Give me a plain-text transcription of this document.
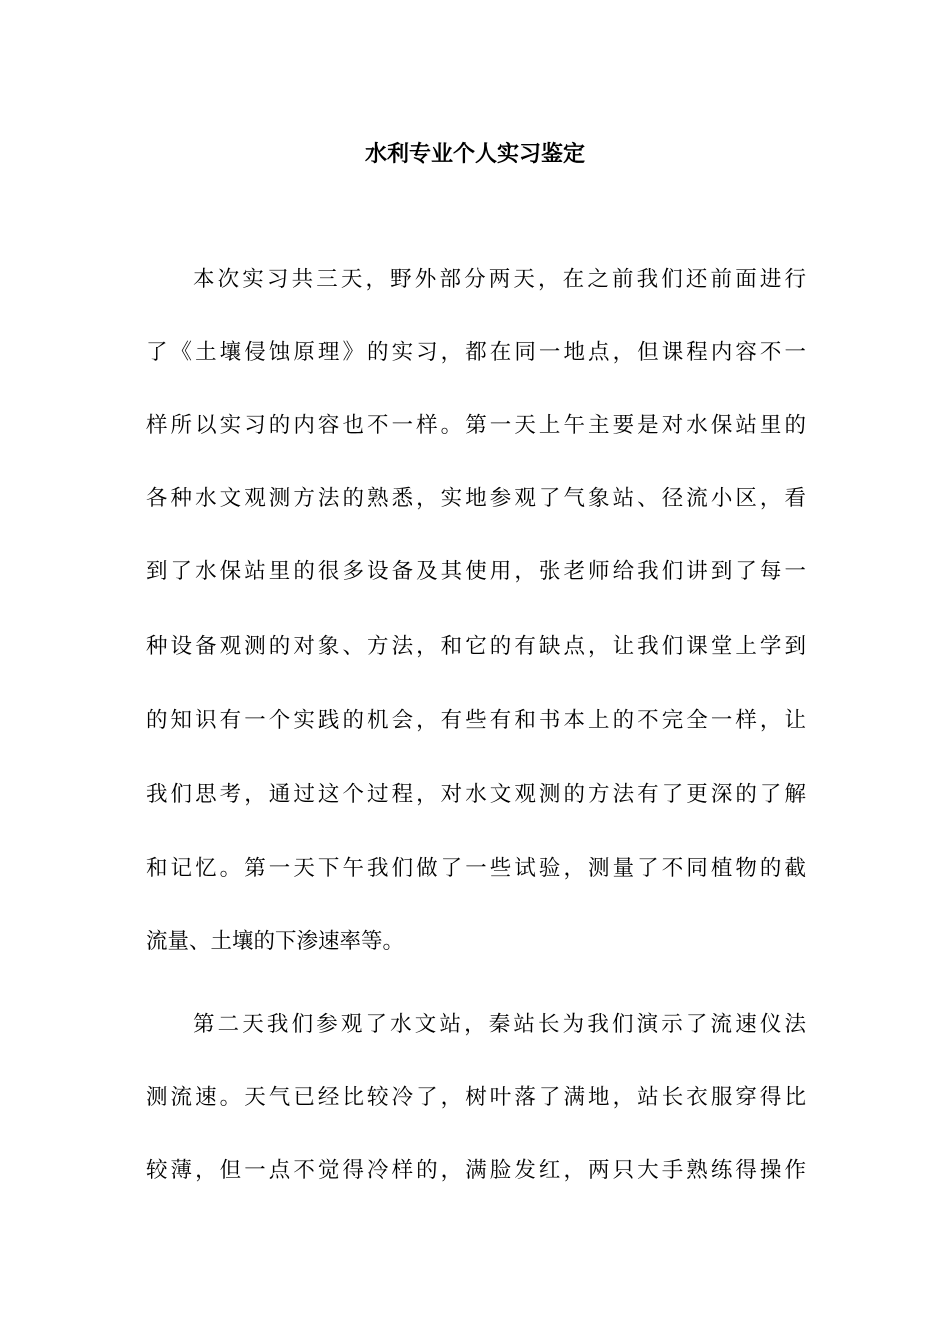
水利专业个人实习鉴定
本次实习共三天，野外部分两天，在之前我们还前面进行
了《土壤侵蚀原理》的实习，都在同一地点，但课程内容不一
样所以实习的内容也不一样。第一天上午主要是对水保站里的
各种水文观测方法的熟悉，实地参观了气象站、径流小区，看
到了水保站里的很多设备及其使用，张老师给我们讲到了每一
种设备观测的对象、方法，和它的有缺点，让我们课堂上学到
的知识有一个实践的机会，有些有和书本上的不完全一样，让
我们思考，通过这个过程，对水文观测的方法有了更深的了解
和记忆。第一天下午我们做了一些试验，测量了不同植物的截
流量、土壤的下渗速率等。
第二天我们参观了水文站，秦站长为我们演示了流速仪法
测流速。天气已经比较冷了，树叶落了满地，站长衣服穿得比
较薄，但一点不觉得冷样的，满脸发红，两只大手熟练得操作
